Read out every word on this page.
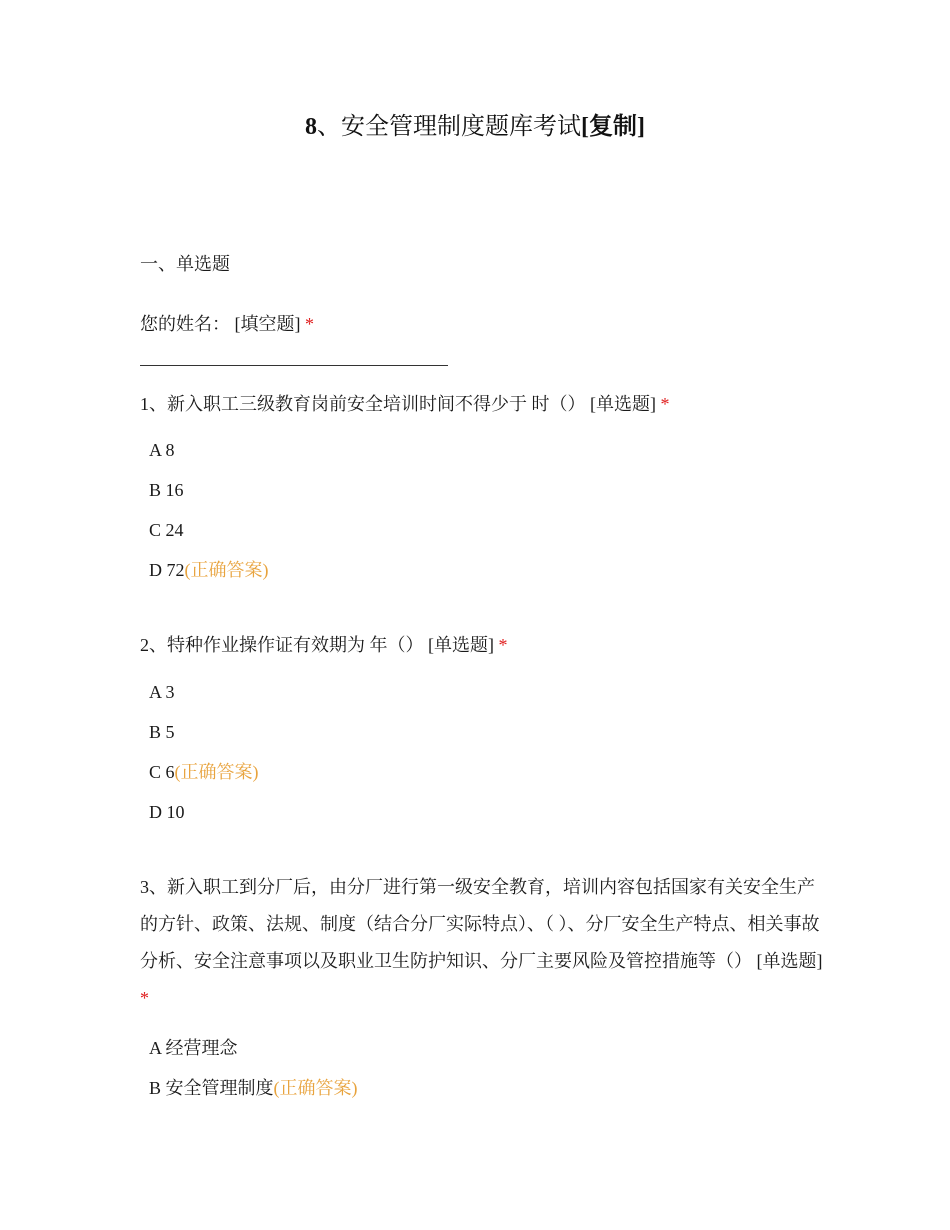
8、安全管理制度题库考试[复制]
一、单选题
您的姓名： [填空题] *
1、新入职工三级教育岗前安全培训时间不得少于 时（） [单选题] *
A 8
B 16
C 24
D 72(正确答案)
2、特种作业操作证有效期为 年（） [单选题] *
A 3
B 5
C 6(正确答案)
D 10
3、新入职工到分厂后，由分厂进行第一级安全教育，培训内容包括国家有关安全生产的方针、政策、法规、制度（结合分厂实际特点）、（ ）、分厂安全生产特点、相关事故分析、安全注意事项以及职业卫生防护知识、分厂主要风险及管控措施等（） [单选题] *
A 经营理念
B 安全管理制度(正确答案)
